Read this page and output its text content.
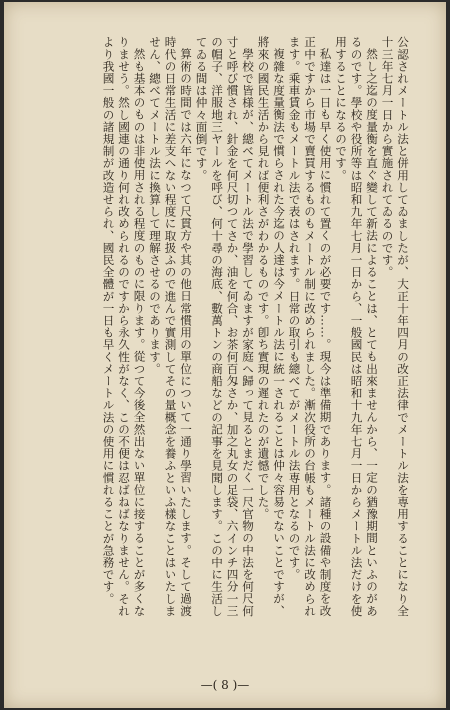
公認されメートル法と併用してゐましたが、大正十年四月の改正法律でメートル法を専用することになり全十三年七月一日から實施されてゐるのです。

然し之迄の度量衡を直ぐ變して新法によることは、とても出來ませんから、一定の猶豫期間といふのがあるのです。學校や役所等は昭和九年七月一日から、一般國民は昭和十九年七月一日からメートル法だけを使用することになるのです。

私達は一日も早く使用に慣れて置くのが必要です……。現今は準備期であります。諸種の設備や制度を改正中ですから市場で賣買するものもメートル制に改められました。漸次役所の台帳もメートル法に改められます。乘車賃金もメートル法で表はされます。日常の取引も總べてがメートル法専用となるのです。

複雜な度量衡法で慣らされた今迄の人達は今メートル法に統一されることは仲々容易でないことですが、將來の國民生活から見れば便利さがわかるものです。卽ち實現の遲れたのが遺憾でした。

學校で皆様が、總べてメートル法で學習してゐますが家庭へ歸って見るとまだく一尺官物の中法を何尺何寸と呼び慣され、針金を何尺切つてさか、油を何合、お茶何百匁さか、加之丸女の足袋、六インチ四分一三の帽子、洋服地三ヤールを呼び、何十尋の海底、數萬トンの商船などの記事を見聞します。この中に生活してゐる間は仲々面倒です。

算術の時間では六年になつて尺貫方や其の他日常慣用の單位について一通り學習いたします。そして過渡時代の日常生活に差支へない程度に取扱ふので進んで實測してその量概念を養ふといふ樣なことはいたしません、總べてメートル法に換算して理解させるのであります。

然も基本のものは非使用される程度のものに限ります。從つて今後全然出ない單位に接することが多くなりませう。然し國連の通り何れ改められるのですから永久性がなく、この不便は忍ばねばなりません。それより我國一般の諸規制が改造せられ、國民全體が一日も早くメートル法の使用に慣れることが急務です。

—( 8 )—
